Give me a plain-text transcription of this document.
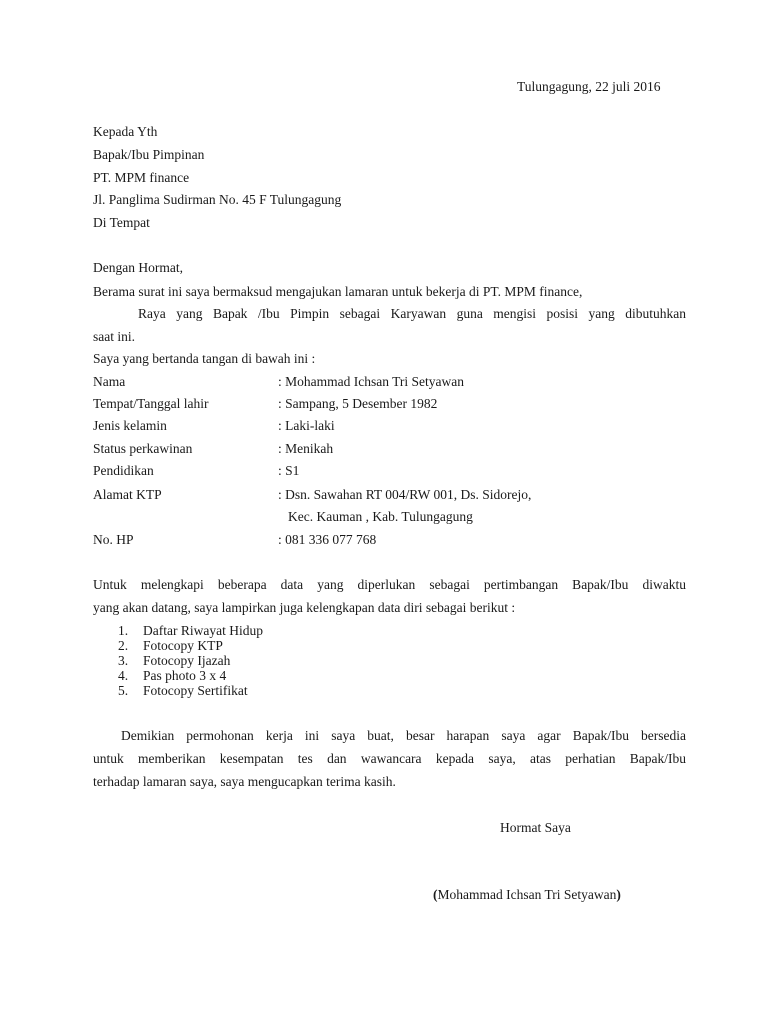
Tulungagung, 22 juli 2016
Kepada Yth
Bapak/Ibu Pimpinan
PT. MPM finance
Jl. Panglima Sudirman No. 45 F Tulungagung
Di Tempat
Dengan Hormat,
Berama surat ini saya bermaksud mengajukan lamaran untuk bekerja di PT. MPM finance,
Raya yang Bapak /Ibu Pimpin sebagai Karyawan guna mengisi posisi yang dibutuhkan
saat ini.
Saya yang bertanda tangan di bawah ini :
Nama	: Mohammad Ichsan Tri Setyawan
Tempat/Tanggal lahir	: Sampang, 5 Desember 1982
Jenis kelamin	: Laki-laki
Status perkawinan	: Menikah
Pendidikan	: S1
Alamat KTP	: Dsn. Sawahan RT 004/RW 001, Ds. Sidorejo,
Kec. Kauman , Kab. Tulungagung
No. HP	: 081 336 077 768
Untuk melengkapi beberapa data yang diperlukan sebagai pertimbangan Bapak/Ibu diwaktu
yang akan datang, saya lampirkan juga kelengkapan data diri sebagai berikut :
1. Daftar Riwayat Hidup
2. Fotocopy KTP
3. Fotocopy Ijazah
4. Pas photo 3 x 4
5. Fotocopy Sertifikat
Demikian permohonan kerja ini saya buat, besar harapan saya agar Bapak/Ibu bersedia
untuk memberikan kesempatan tes dan wawancara kepada saya, atas perhatian Bapak/Ibu
terhadap lamaran saya, saya mengucapkan terima kasih.
Hormat Saya
(Mohammad Ichsan Tri Setyawan)
